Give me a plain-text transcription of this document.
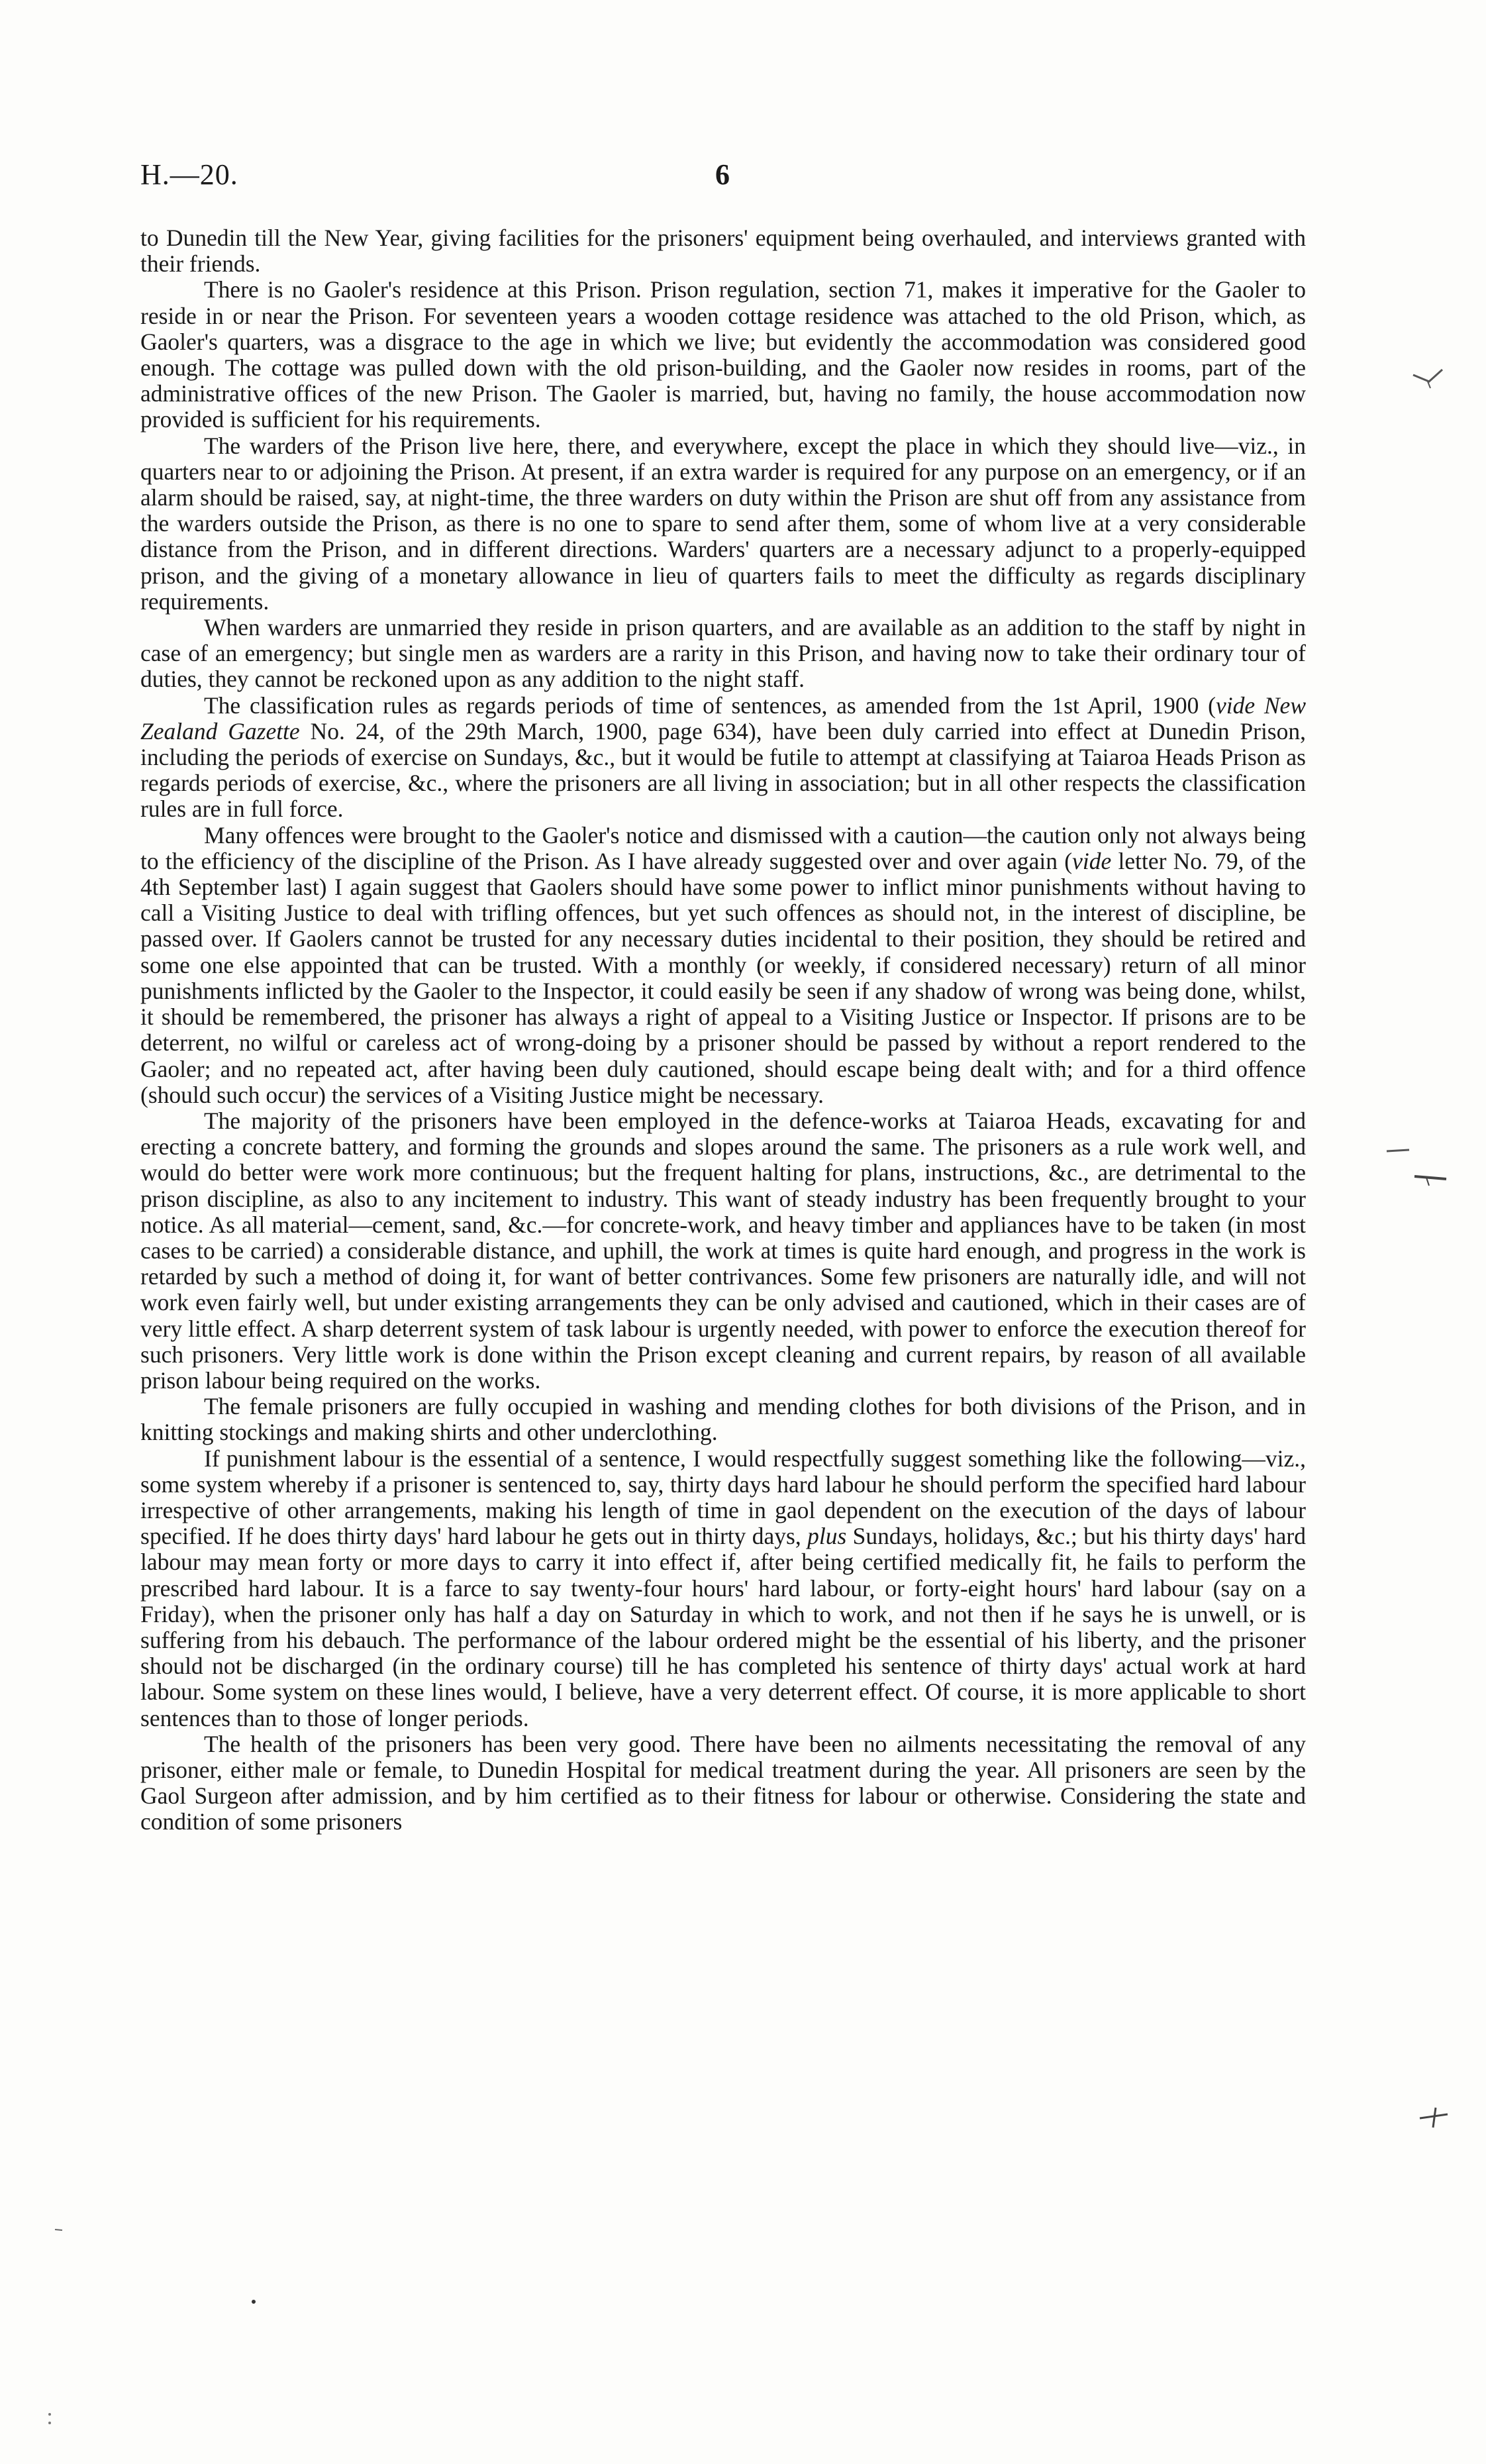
H.—20.	6

to Dunedin till the New Year, giving facilities for the prisoners' equipment being overhauled, and interviews granted with their friends.

There is no Gaoler's residence at this Prison. Prison regulation, section 71, makes it imperative for the Gaoler to reside in or near the Prison. For seventeen years a wooden cottage residence was attached to the old Prison, which, as Gaoler's quarters, was a disgrace to the age in which we live; but evidently the accommodation was considered good enough. The cottage was pulled down with the old prison-building, and the Gaoler now resides in rooms, part of the administrative offices of the new Prison. The Gaoler is married, but, having no family, the house accommodation now provided is sufficient for his requirements.

The warders of the Prison live here, there, and everywhere, except the place in which they should live—viz., in quarters near to or adjoining the Prison. At present, if an extra warder is required for any purpose on an emergency, or if an alarm should be raised, say, at night-time, the three warders on duty within the Prison are shut off from any assistance from the warders outside the Prison, as there is no one to spare to send after them, some of whom live at a very considerable distance from the Prison, and in different directions. Warders' quarters are a necessary adjunct to a properly-equipped prison, and the giving of a monetary allowance in lieu of quarters fails to meet the difficulty as regards disciplinary requirements.

When warders are unmarried they reside in prison quarters, and are available as an addition to the staff by night in case of an emergency; but single men as warders are a rarity in this Prison, and having now to take their ordinary tour of duties, they cannot be reckoned upon as any addition to the night staff.

The classification rules as regards periods of time of sentences, as amended from the 1st April, 1900 (vide New Zealand Gazette No. 24, of the 29th March, 1900, page 634), have been duly carried into effect at Dunedin Prison, including the periods of exercise on Sundays, &c., but it would be futile to attempt at classifying at Taiaroa Heads Prison as regards periods of exercise, &c., where the prisoners are all living in association; but in all other respects the classification rules are in full force.

Many offences were brought to the Gaoler's notice and dismissed with a caution—the caution only not always being to the efficiency of the discipline of the Prison. As I have already suggested over and over again (vide letter No. 79, of the 4th September last) I again suggest that Gaolers should have some power to inflict minor punishments without having to call a Visiting Justice to deal with trifling offences, but yet such offences as should not, in the interest of discipline, be passed over. If Gaolers cannot be trusted for any necessary duties incidental to their position, they should be retired and some one else appointed that can be trusted. With a monthly (or weekly, if considered necessary) return of all minor punishments inflicted by the Gaoler to the Inspector, it could easily be seen if any shadow of wrong was being done, whilst, it should be remembered, the prisoner has always a right of appeal to a Visiting Justice or Inspector. If prisons are to be deterrent, no wilful or careless act of wrong-doing by a prisoner should be passed by without a report rendered to the Gaoler; and no repeated act, after having been duly cautioned, should escape being dealt with; and for a third offence (should such occur) the services of a Visiting Justice might be necessary.

The majority of the prisoners have been employed in the defence-works at Taiaroa Heads, excavating for and erecting a concrete battery, and forming the grounds and slopes around the same. The prisoners as a rule work well, and would do better were work more continuous; but the frequent halting for plans, instructions, &c., are detrimental to the prison discipline, as also to any incitement to industry. This want of steady industry has been frequently brought to your notice. As all material—cement, sand, &c.—for concrete-work, and heavy timber and appliances have to be taken (in most cases to be carried) a considerable distance, and uphill, the work at times is quite hard enough, and progress in the work is retarded by such a method of doing it, for want of better contrivances. Some few prisoners are naturally idle, and will not work even fairly well, but under existing arrangements they can be only advised and cautioned, which in their cases are of very little effect. A sharp deterrent system of task labour is urgently needed, with power to enforce the execution thereof for such prisoners. Very little work is done within the Prison except cleaning and current repairs, by reason of all available prison labour being required on the works.

The female prisoners are fully occupied in washing and mending clothes for both divisions of the Prison, and in knitting stockings and making shirts and other underclothing.

If punishment labour is the essential of a sentence, I would respectfully suggest something like the following—viz., some system whereby if a prisoner is sentenced to, say, thirty days hard labour he should perform the specified hard labour irrespective of other arrangements, making his length of time in gaol dependent on the execution of the days of labour specified. If he does thirty days' hard labour he gets out in thirty days, plus Sundays, holidays, &c.; but his thirty days' hard labour may mean forty or more days to carry it into effect if, after being certified medically fit, he fails to perform the prescribed hard labour. It is a farce to say twenty-four hours' hard labour, or forty-eight hours' hard labour (say on a Friday), when the prisoner only has half a day on Saturday in which to work, and not then if he says he is unwell, or is suffering from his debauch. The performance of the labour ordered might be the essential of his liberty, and the prisoner should not be discharged (in the ordinary course) till he has completed his sentence of thirty days' actual work at hard labour. Some system on these lines would, I believe, have a very deterrent effect. Of course, it is more applicable to short sentences than to those of longer periods.

The health of the prisoners has been very good. There have been no ailments necessitating the removal of any prisoner, either male or female, to Dunedin Hospital for medical treatment during the year. All prisoners are seen by the Gaol Surgeon after admission, and by him certified as to their fitness for labour or otherwise. Considering the state and condition of some prisoners
